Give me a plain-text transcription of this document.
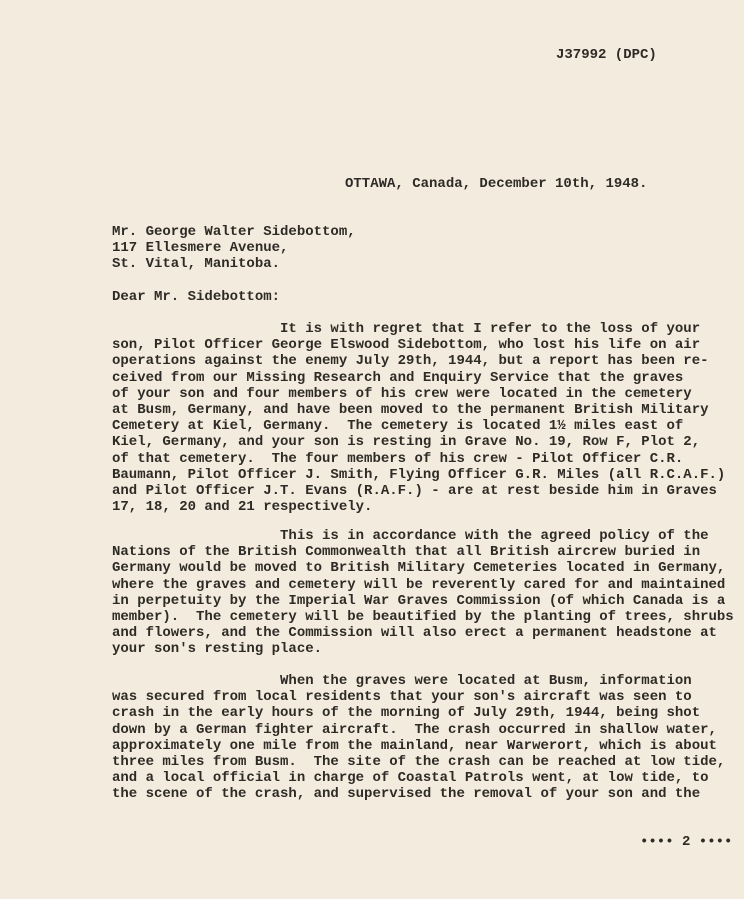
J37992 (DPC)
OTTAWA, Canada, December 10th, 1948.
Mr. George Walter Sidebottom,
117 Ellesmere Avenue,
St. Vital, Manitoba.
Dear Mr. Sidebottom:
It is with regret that I refer to the loss of your
son, Pilot Officer George Elswood Sidebottom, who lost his life on air
operations against the enemy July 29th, 1944, but a report has been re-
ceived from our Missing Research and Enquiry Service that the graves
of your son and four members of his crew were located in the cemetery
at Busm, Germany, and have been moved to the permanent British Military
Cemetery at Kiel, Germany.  The cemetery is located 1½ miles east of
Kiel, Germany, and your son is resting in Grave No. 19, Row F, Plot 2,
of that cemetery.  The four members of his crew - Pilot Officer C.R.
Baumann, Pilot Officer J. Smith, Flying Officer G.R. Miles (all R.C.A.F.)
and Pilot Officer J.T. Evans (R.A.F.) - are at rest beside him in Graves
17, 18, 20 and 21 respectively.
This is in accordance with the agreed policy of the
Nations of the British Commonwealth that all British aircrew buried in
Germany would be moved to British Military Cemeteries located in Germany,
where the graves and cemetery will be reverently cared for and maintained
in perpetuity by the Imperial War Graves Commission (of which Canada is a
member).  The cemetery will be beautified by the planting of trees, shrubs
and flowers, and the Commission will also erect a permanent headstone at
your son's resting place.
When the graves were located at Busm, information
was secured from local residents that your son's aircraft was seen to
crash in the early hours of the morning of July 29th, 1944, being shot
down by a German fighter aircraft.  The crash occurred in shallow water,
approximately one mile from the mainland, near Warwerort, which is about
three miles from Busm.  The site of the crash can be reached at low tide,
and a local official in charge of Coastal Patrols went, at low tide, to
the scene of the crash, and supervised the removal of your son and the
•••• 2 ••••
